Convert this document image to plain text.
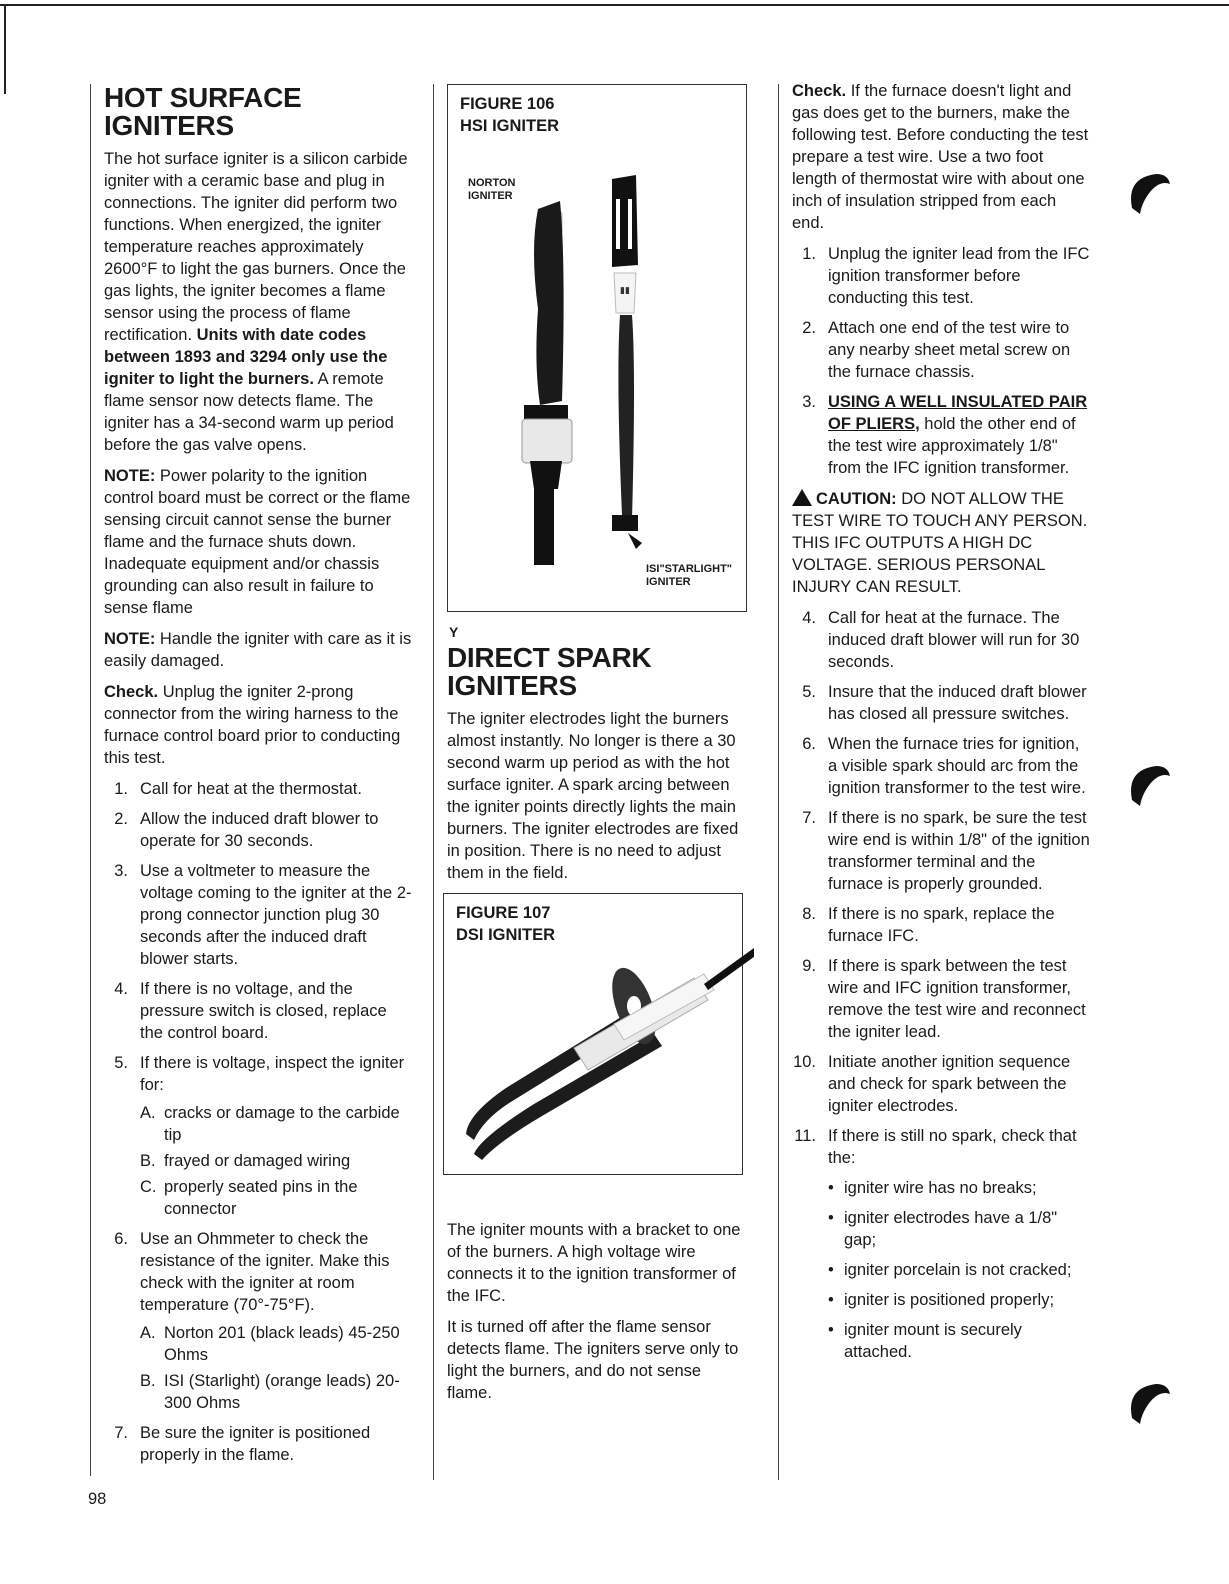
HOT SURFACE IGNITERS

The hot surface igniter is a silicon carbide igniter with a ceramic base and plug in connections. The igniter did perform two functions. When energized, the igniter temperature reaches approximately 2600°F to light the gas burners. Once the gas lights, the igniter becomes a flame sensor using the process of flame rectification. Units with date codes between 1893 and 3294 only use the igniter to light the burners. A remote flame sensor now detects flame. The igniter has a 34-second warm up period before the gas valve opens.

NOTE: Power polarity to the ignition control board must be correct or the flame sensing circuit cannot sense the burner flame and the furnace shuts down. Inadequate equipment and/or chassis grounding can also result in failure to sense flame

NOTE: Handle the igniter with care as it is easily damaged.

Check. Unplug the igniter 2-prong connector from the wiring harness to the furnace control board prior to conducting this test.

1. Call for heat at the thermostat.
2. Allow the induced draft blower to operate for 30 seconds.
3. Use a voltmeter to measure the voltage coming to the igniter at the 2-prong connector junction plug 30 seconds after the induced draft blower starts.
4. If there is no voltage, and the pressure switch is closed, replace the control board.
5. If there is voltage, inspect the igniter for:
A. cracks or damage to the carbide tip
B. frayed or damaged wiring
C. properly seated pins in the connector
6. Use an Ohmmeter to check the resistance of the igniter. Make this check with the igniter at room temperature (70°-75°F).
A. Norton 201 (black leads) 45-250 Ohms
B. ISI (Starlight) (orange leads) 20-300 Ohms
7. Be sure the igniter is positioned properly in the flame.
FIGURE 106
HSI IGNITER
NORTON
IGNITER
▮▮
ISI"STARLIGHT"
IGNITER
Y
DIRECT SPARK IGNITERS

The igniter electrodes light the burners almost instantly. No longer is there a 30 second warm up period as with the hot surface igniter. A spark arcing between the igniter points directly lights the main burners. The igniter electrodes are fixed in position. There is no need to adjust them in the field.

FIGURE 107
DSI IGNITER

The igniter mounts with a bracket to one of the burners. A high voltage wire connects it to the ignition transformer of the IFC.

It is turned off after the flame sensor detects flame. The igniters serve only to light the burners, and do not sense flame.

Check. If the furnace doesn't light and gas does get to the burners, make the following test. Before conducting the test prepare a test wire. Use a two foot length of thermostat wire with about one inch of insulation stripped from each end.

1. Unplug the igniter lead from the IFC ignition transformer before conducting this test.
2. Attach one end of the test wire to any nearby sheet metal screw on the furnace chassis.
3. USING A WELL INSULATED PAIR OF PLIERS, hold the other end of the test wire approximately 1/8" from the IFC ignition transformer.
CAUTION: DO NOT ALLOW THE TEST WIRE TO TOUCH ANY PERSON. THIS IFC OUTPUTS A HIGH DC VOLTAGE. SERIOUS PERSONAL INJURY CAN RESULT.
4. Call for heat at the furnace. The induced draft blower will run for 30 seconds.
5. Insure that the induced draft blower has closed all pressure switches.
6. When the furnace tries for ignition, a visible spark should arc from the ignition transformer to the test wire.
7. If there is no spark, be sure the test wire end is within 1/8" of the ignition transformer terminal and the furnace is properly grounded.
8. If there is no spark, replace the furnace IFC.
9. If there is spark between the test wire and IFC ignition transformer, remove the test wire and reconnect the igniter lead.
10. Initiate another ignition sequence and check for spark between the igniter electrodes.
11. If there is still no spark, check that the:
• igniter wire has no breaks;
• igniter electrodes have a 1/8" gap;
• igniter porcelain is not cracked;
• igniter is positioned properly;
• igniter mount is securely attached.
98
